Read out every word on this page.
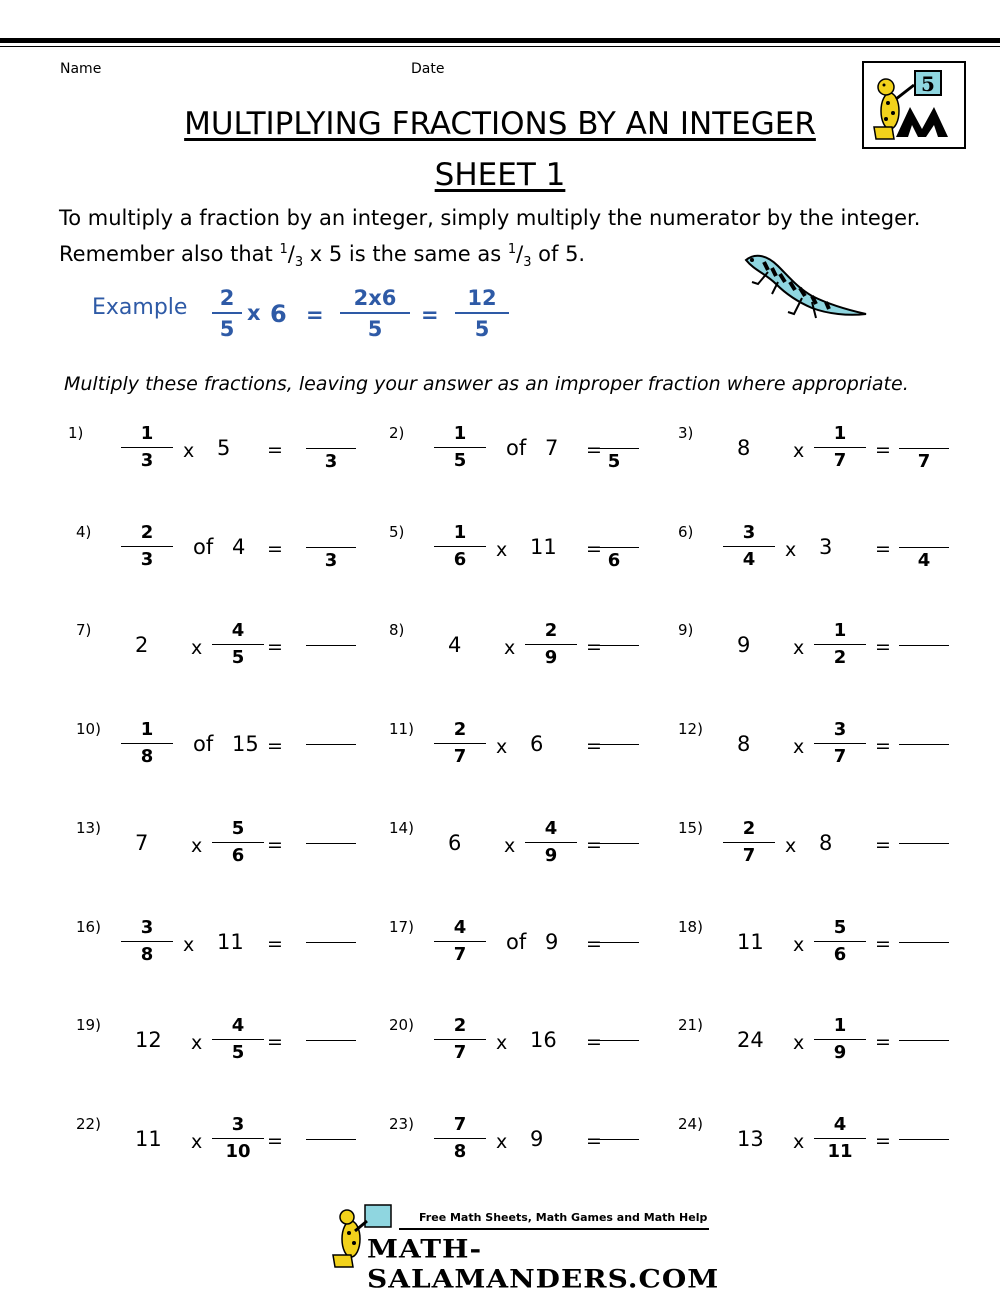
Name	Date
5
MULTIPLYING FRACTIONS BY AN INTEGER
SHEET 1
To multiply a fraction by an integer, simply multiply the numerator by the integer.
Remember also that $^1/_3$ x 5 is the same as $^1/_3$ of 5.
Example	2
5
x 6 =
2x6
5
=
12
5
Multiply these fractions, leaving your answer as an improper fraction where appropriate.
$1) \frac{1}{3}$ x 5 =
3
$2) \frac{1}{5}$ of 7 =
5
3)
8 x $\frac{1}{7}$ =
7
$4) \frac{2}{3}$ of 4 =
3
$5) \frac{1}{6}$ x 11 =
6
$6) \frac{3}{4}$ x 3 =
4
7)
2 x $\frac{4}{5}$ =
8)
4 x $\frac{2}{9}$ =
9)
9 x $\frac{1}{2}$ =
$10) \frac{1}{8}$ of 15 =
$11) \frac{2}{7}$ x 6 =
12)
8 x $\frac{3}{7}$ =
13)
7 x $\frac{5}{6}$ =
14)
6 x $\frac{4}{9}$ =
$15) \frac{2}{7}$ x 8 =
$16) \frac{3}{8}$ x 11 =
$17) \frac{4}{7}$ of 9 =
18)
11 x $\frac{5}{6}$ =
19)
12 x $\frac{4}{5}$ =
$20) \frac{2}{7}$ x 16 =
21)
24 x $\frac{1}{9}$ =
22)
11 x $\frac{3}{10}$ =
$23) \frac{7}{8}$ x 9 =
24)
13 x $\frac{4}{11}$ =
Free Math Sheets, Math Games and Math Help
MATH-SALAMANDERS.COM
